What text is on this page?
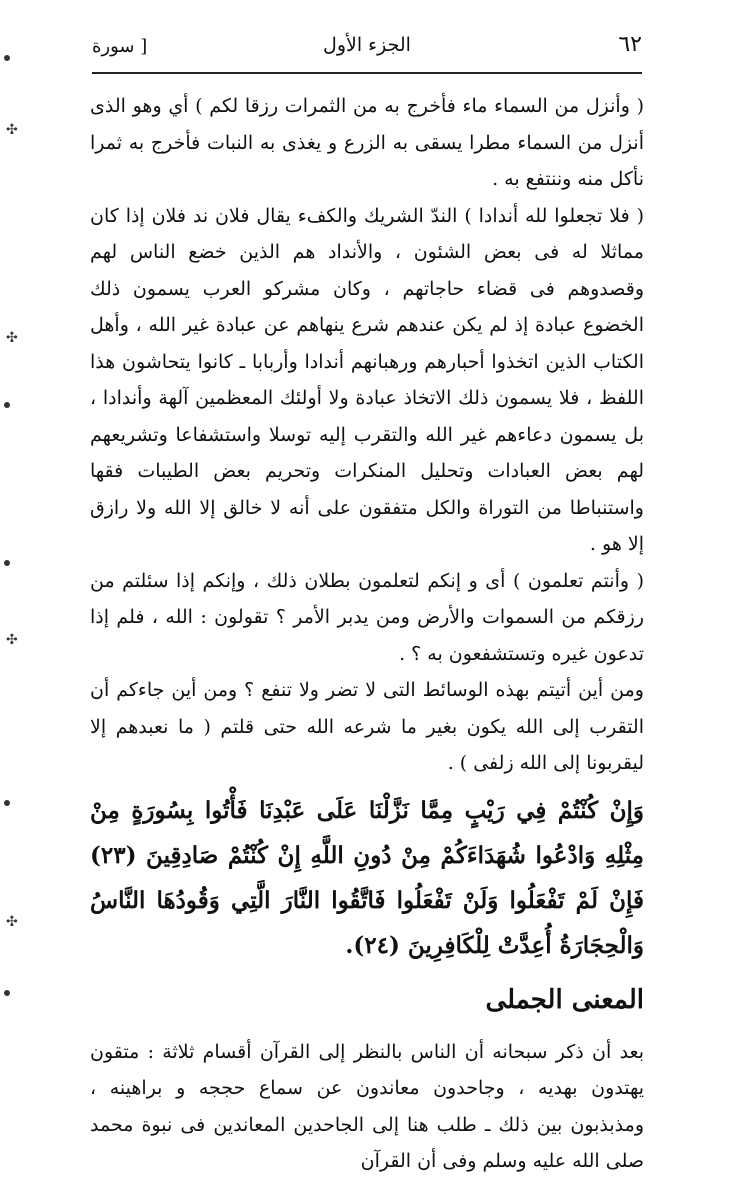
٦٢
الجزء الأول
[ سورة

( وأنزل من السماء ماء فأخرج به من الثمرات رزقا لكم ) أي وهو الذى أنزل من السماء مطرا يسقى به الزرع و يغذى به النبات فأخرج به ثمرا نأكل منه وننتفع به .

( فلا تجعلوا لله أندادا ) الندّ الشريك والكفء يقال فلان ند فلان إذا كان مماثلا له فى بعض الشئون ، والأنداد هم الذين خضع الناس لهم وقصدوهم فى قضاء حاجاتهم ، وكان مشركو العرب يسمون ذلك الخضوع عبادة إذ لم يكن عندهم شرع ينهاهم عن عبادة غير الله ، وأهل الكتاب الذين اتخذوا أحبارهم ورهبانهم أندادا وأربابا ـ كانوا يتحاشون هذا اللفظ ، فلا يسمون ذلك الاتخاذ عبادة ولا أولئك المعظمين آلهة وأندادا ، بل يسمون دعاءهم غير الله والتقرب إليه توسلا واستشفاعا وتشريعهم لهم بعض العبادات وتحليل المنكرات وتحريم بعض الطيبات فقها واستنباطا من التوراة والكل متفقون على أنه لا خالق إلا الله ولا رازق إلا هو .

( وأنتم تعلمون ) أى و إنكم لتعلمون بطلان ذلك ، وإنكم إذا سئلتم من رزقكم من السموات والأرض ومن يدبر الأمر ؟ تقولون : الله ، فلم إذا تدعون غيره وتستشفعون به ؟ .

ومن أين أتيتم بهذه الوسائط التى لا تضر ولا تنفع ؟ ومن أين جاءكم أن التقرب إلى الله يكون بغير ما شرعه الله حتى قلتم ( ما نعبدهم إلا ليقربونا إلى الله زلفى ) .

وَإِنْ كُنْتُمْ فِي رَيْبٍ مِمَّا نَزَّلْنَا عَلَى عَبْدِنَا فَأْتُوا بِسُورَةٍ مِنْ مِثْلِهِ وَادْعُوا شُهَدَاءَكُمْ مِنْ دُونِ اللَّهِ إِنْ كُنْتُمْ صَادِقِينَ (٢٣) فَإِنْ لَمْ تَفْعَلُوا وَلَنْ تَفْعَلُوا فَاتَّقُوا النَّارَ الَّتِي وَقُودُهَا النَّاسُ وَالْحِجَارَةُ أُعِدَّتْ لِلْكَافِرِينَ (٢٤).
المعنى الجملى

بعد أن ذكر سبحانه أن الناس بالنظر إلى القرآن أقسام ثلاثة : متقون يهتدون بهديه ، وجاحدون معاندون عن سماع حججه و براهينه ، ومذبذبون بين ذلك ـ طلب هنا إلى الجاحدين المعاندين فى نبوة محمد صلى الله عليه وسلم وفى أن القرآن

✣
✣
✣
✣
